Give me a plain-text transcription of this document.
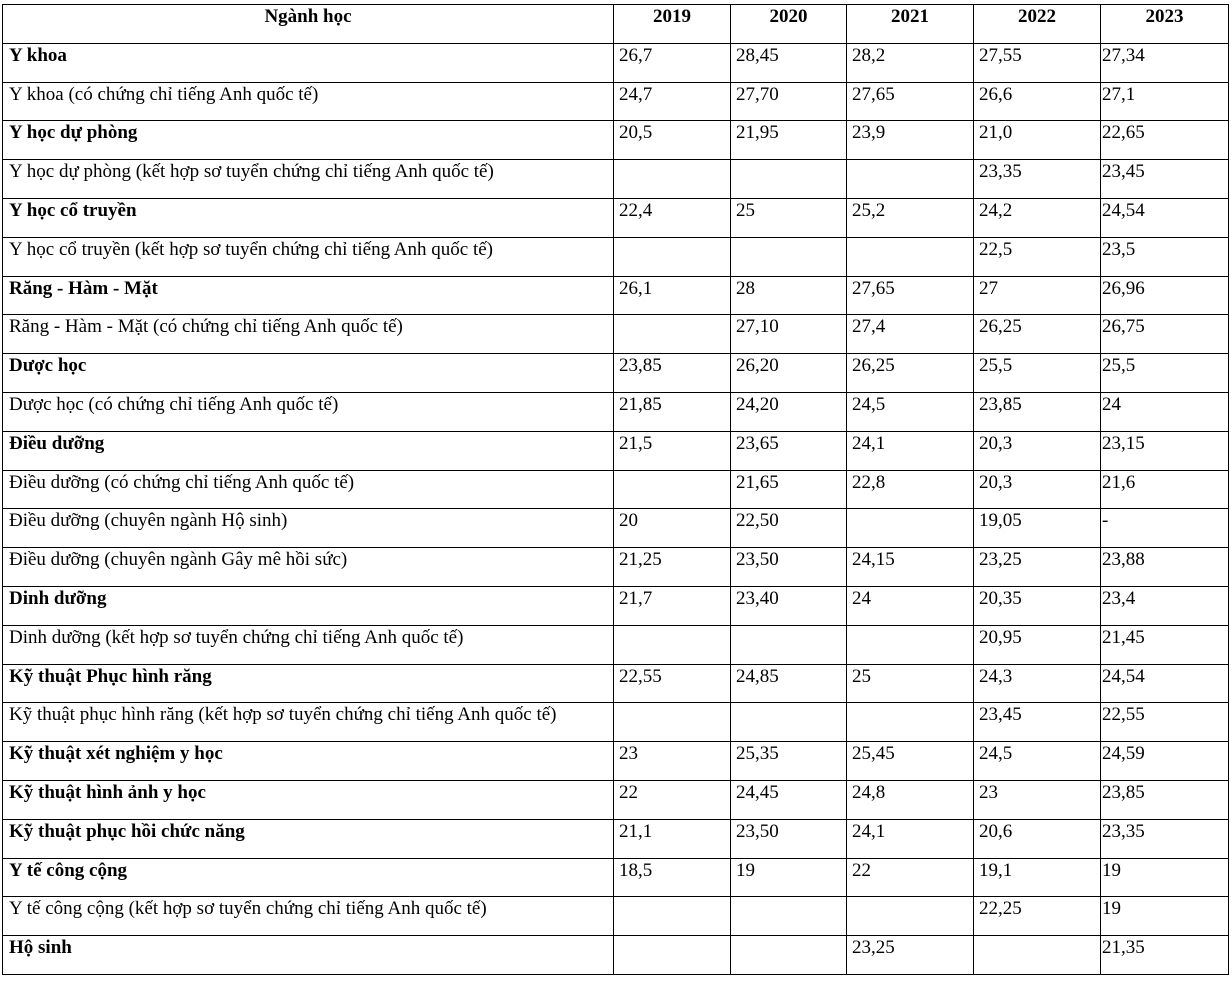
Ngành học	2019	2020	2021	2022	2023
Y khoa	26,7	28,45	28,2	27,55	27,34
Y khoa (có chứng chỉ tiếng Anh quốc tế)	24,7	27,70	27,65	26,6	27,1
Y học dự phòng	20,5	21,95	23,9	21,0	22,65
Y học dự phòng (kết hợp sơ tuyển chứng chỉ tiếng Anh quốc tế)				23,35	23,45
Y học cổ truyền	22,4	25	25,2	24,2	24,54
Y học cổ truyền (kết hợp sơ tuyển chứng chỉ tiếng Anh quốc tế)				22,5	23,5
Răng - Hàm - Mặt	26,1	28	27,65	27	26,96
Răng - Hàm - Mặt (có chứng chỉ tiếng Anh quốc tế)		27,10	27,4	26,25	26,75
Dược học	23,85	26,20	26,25	25,5	25,5
Dược học (có chứng chỉ tiếng Anh quốc tế)	21,85	24,20	24,5	23,85	24
Điều dưỡng	21,5	23,65	24,1	20,3	23,15
Điều dưỡng (có chứng chỉ tiếng Anh quốc tế)		21,65	22,8	20,3	21,6
Điều dưỡng (chuyên ngành Hộ sinh)	20	22,50		19,05	-
Điều dưỡng (chuyên ngành Gây mê hồi sức)	21,25	23,50	24,15	23,25	23,88
Dinh dưỡng	21,7	23,40	24	20,35	23,4
Dinh dưỡng (kết hợp sơ tuyển chứng chỉ tiếng Anh quốc tế)				20,95	21,45
Kỹ thuật Phục hình răng	22,55	24,85	25	24,3	24,54
Kỹ thuật phục hình răng (kết hợp sơ tuyển chứng chỉ tiếng Anh quốc tế)				23,45	22,55
Kỹ thuật xét nghiệm y học	23	25,35	25,45	24,5	24,59
Kỹ thuật hình ảnh y học	22	24,45	24,8	23	23,85
Kỹ thuật phục hồi chức năng	21,1	23,50	24,1	20,6	23,35
Y tế công cộng	18,5	19	22	19,1	19
Y tế công cộng (kết hợp sơ tuyển chứng chỉ tiếng Anh quốc tế)				22,25	19
Hộ sinh			23,25		21,35
